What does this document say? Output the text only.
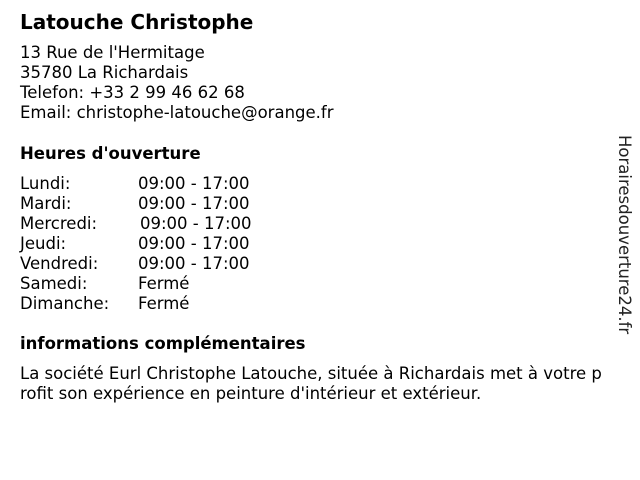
Latouche Christophe
13 Rue de l'Hermitage
35780 La Richardais
Telefon: +33 2 99 46 62 68
Email: christophe-latouche@orange.fr
Heures d'ouverture
Lundi:	09:00 - 17:00
Mardi:	09:00 - 17:00
Mercredi:	09:00 - 17:00
Jeudi:	09:00 - 17:00
Vendredi: 09:00 - 17:00
Samedi:	Fermé
Dimanche: Fermé
informations complémentaires
La société Eurl Christophe Latouche, située à Richardais met à votre p
rofit son expérience en peinture d'intérieur et extérieur.
Horairesdouverture24.fr
